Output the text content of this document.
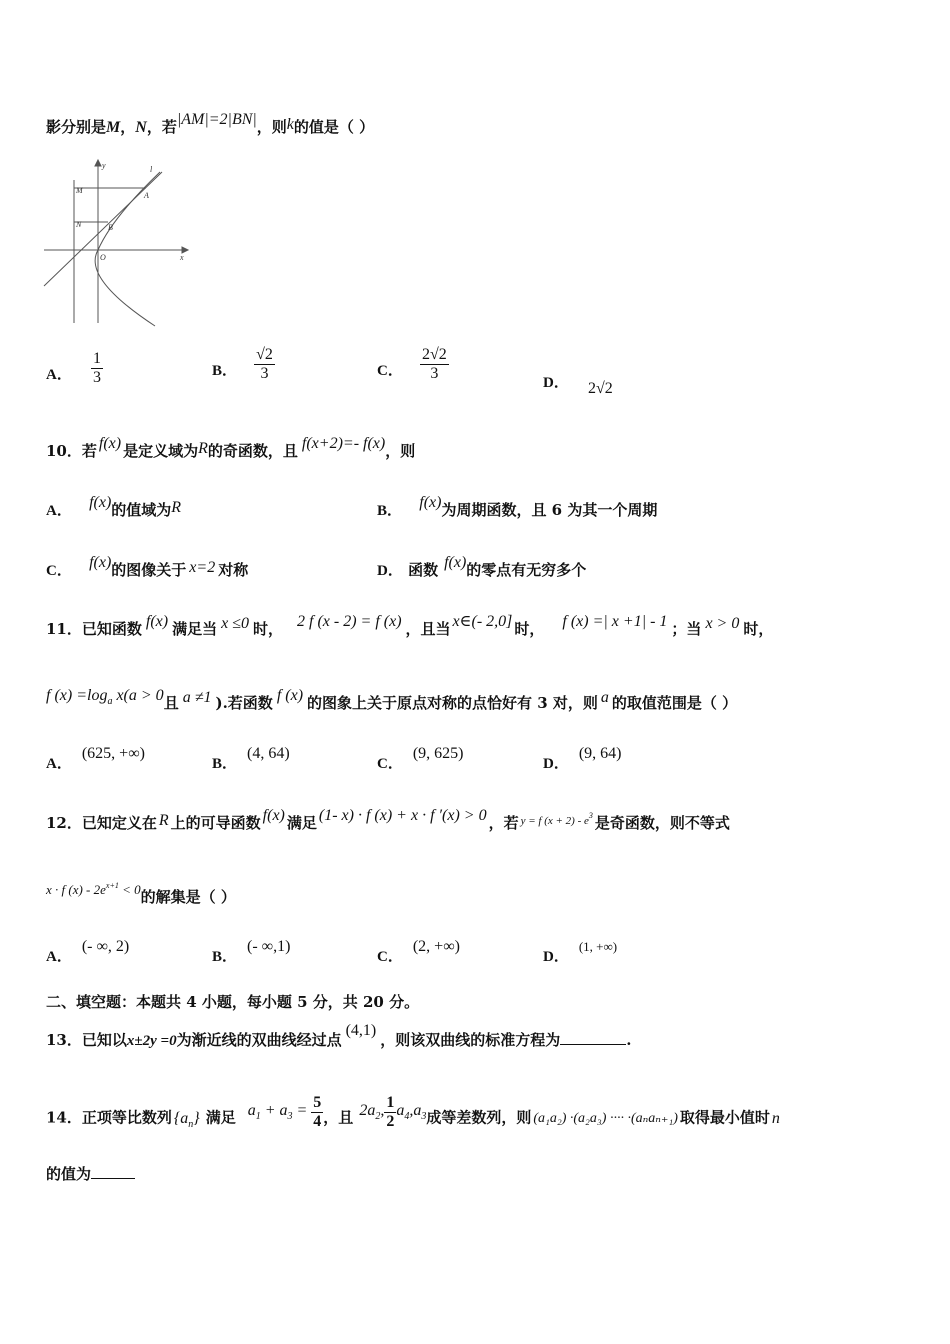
影分别是M，N，若|AM|=2|BN|，则k的值是（ ）
y
x
O
M
N
A
B
l
A． $\frac{1}{3}$	B． $\frac{√2}{3}$	C． $\frac{2√2}{3}$	D． 2√2
10．若 f(x) 是定义域为R的奇函数，且 f(x+2)=- f(x)，则
A． f(x)的值域为R	B． f(x)为周期函数，且 6 为其一个周期
C． f(x)的图像关于 x=2 对称	D． 函数 f(x)的零点有无穷多个
11．已知函数 f(x) 满足当 x ≤0 时， 2 f (x - 2) = f (x) ，且当 x∈(- 2,0] 时， f (x) =| x +1| - 1 ；当 x > 0 时，
f $(x) =\log_a$ x(a > 0且 a ≠1 ).若函数 f (x) 的图象上关于原点对称的点恰好有 3 对，则 a 的取值范围是（ ）
A．(625, +∞)
B．(4, 64)
C．(9, 625)
D．(9, 64)
12．已知定义在 R 上的可导函数 f(x) 满足 (1- x) · f (x) + x · f ′(x) > 0 ，若 $^{y = f (x + 2) - e^3}$ 是奇函数，则不等式
x · f $(x) - 2e^{x+1} < 0$的解集是（ ）
A．(- ∞, 2)
B．(- ∞,1)
C．(2, +∞)
D．(1, +∞)
二、填空题：本题共 4 小题，每小题 5 分，共 20 分。
13．已知以x±2y =0为渐近线的双曲线经过点(4,1)，则该双曲线的标准方程为	.
14．正项等比数列 $\{a_n\}$ 满足 $a_1 + a_3 = \frac{5}{4}$ ，且 $2a_2$, $\frac{1}{2} a_4,a_3$成等差数列，则 (a₁a₂) ·(a₂a₃) ···· ·(aₙaₙ₊₁) 取得最小值时 n
的值为
